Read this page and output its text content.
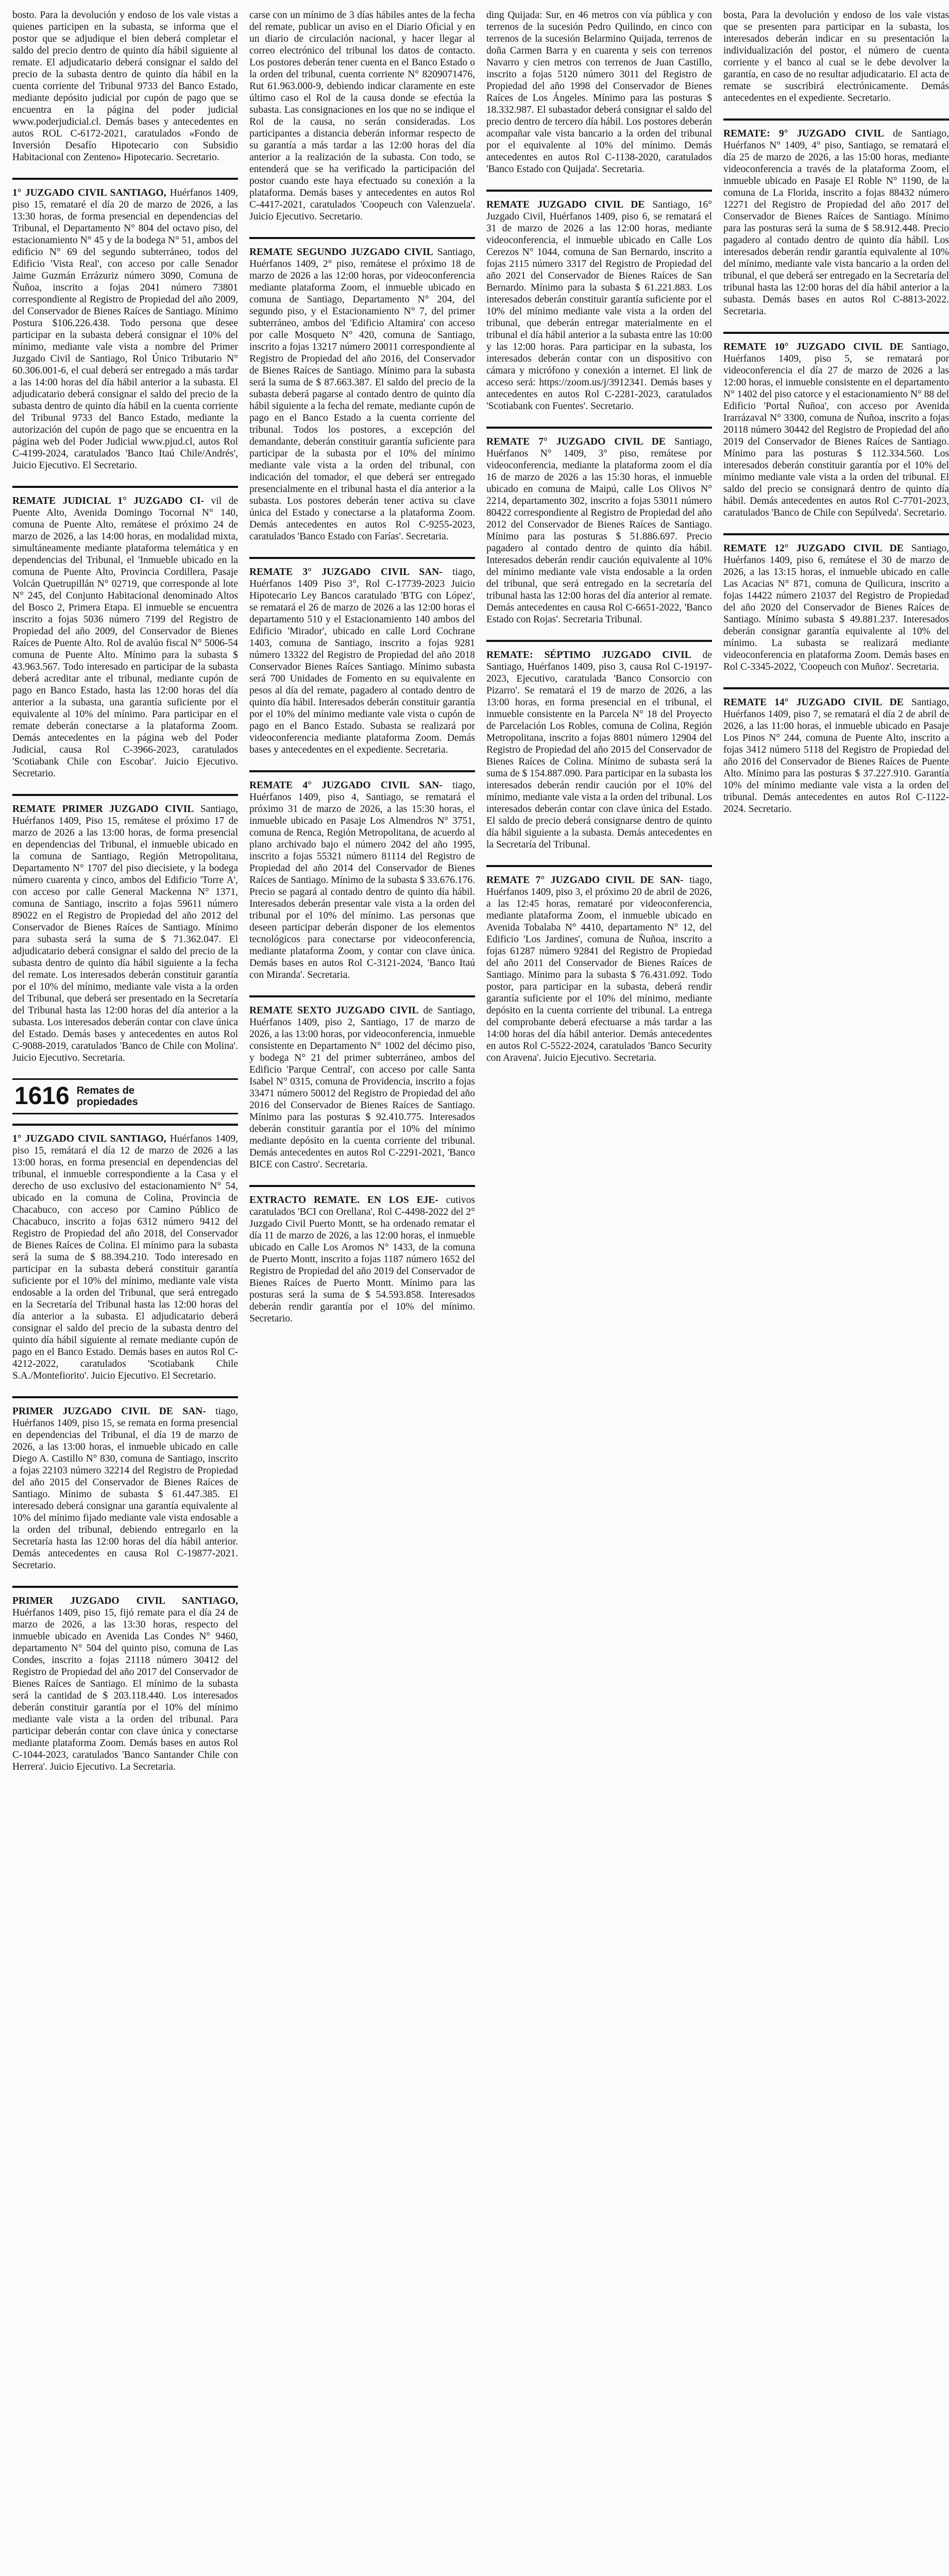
bosto. Para la devolución y endoso de los vale vistas a quienes participen en la subasta, se informa que el postor que se adjudique el bien deberá completar el saldo del precio dentro de quinto día hábil siguiente al remate. El adjudicatario deberá consignar el saldo del precio de la subasta dentro de quinto día hábil en la cuenta corriente del Tribunal 9733 del Banco Estado, mediante depósito judicial por cupón de pago que se encuentra en la página del poder judicial www.poderjudicial.cl. Demás bases y antecedentes en autos ROL C-6172-2021, caratulados «Fondo de Inversión Desafío Hipotecario con Subsidio Habitacional con Zenteno» Hipotecario. Secretario.

1° JUZGADO CIVIL SANTIAGO, Huérfanos 1409, piso 15, remataré el día 20 de marzo de 2026, a las 13:30 horas, de forma presencial en dependencias del Tribunal, el Departamento N° 804 del octavo piso, del estacionamiento N° 45 y de la bodega N° 51, ambos del edificio N° 69 del segundo subterráneo, todos del Edificio 'Vista Real', con acceso por calle Senador Jaime Guzmán Errázuriz número 3090, Comuna de Ñuñoa, inscrito a fojas 2041 número 73801 correspondiente al Registro de Propiedad del año 2009, del Conservador de Bienes Raíces de Santiago. Mínimo Postura $106.226.438. Todo persona que desee participar en la subasta deberá consignar el 10% del mínimo, mediante vale vista a nombre del Primer Juzgado Civil de Santiago, Rol Único Tributario N° 60.306.001-6, el cual deberá ser entregado a más tardar a las 14:00 horas del día hábil anterior a la subasta. El adjudicatario deberá consignar el saldo del precio de la subasta dentro de quinto día hábil en la cuenta corriente del Tribunal 9733 del Banco Estado, mediante la autorización del cupón de pago que se encuentra en la página web del Poder Judicial www.pjud.cl, autos Rol C-4199-2024, caratulados 'Banco Itaú Chile/Andrés', Juicio Ejecutivo. El Secretario.

REMATE JUDICIAL 1° JUZGADO CI- vil de Puente Alto, Avenida Domingo Tocornal N° 140, comuna de Puente Alto, remátese el próximo 24 de marzo de 2026, a las 14:00 horas, en modalidad mixta, simultáneamente mediante plataforma telemática y en dependencias del Tribunal, el 'Inmueble ubicado en la comuna de Puente Alto, Provincia Cordillera, Pasaje Volcán Quetrupillán N° 02719, que corresponde al lote N° 245, del Conjunto Habitacional denominado Altos del Bosco 2, Primera Etapa. El inmueble se encuentra inscrito a fojas 5036 número 7199 del Registro de Propiedad del año 2009, del Conservador de Bienes Raíces de Puente Alto. Rol de avalúo fiscal N° 5006-54 comuna de Puente Alto. Mínimo para la subasta $ 43.963.567. Todo interesado en participar de la subasta deberá acreditar ante el tribunal, mediante cupón de pago en Banco Estado, hasta las 12:00 horas del día anterior a la subasta, una garantía suficiente por el equivalente al 10% del mínimo. Para participar en el remate deberán conectarse a la plataforma Zoom. Demás antecedentes en la página web del Poder Judicial, causa Rol C-3966-2023, caratulados 'Scotiabank Chile con Escobar'. Juicio Ejecutivo. Secretario.

REMATE PRIMER JUZGADO CIVIL Santiago, Huérfanos 1409, Piso 15, remátese el próximo 17 de marzo de 2026 a las 13:00 horas, de forma presencial en dependencias del Tribunal, el inmueble ubicado en la comuna de Santiago, Región Metropolitana, Departamento N° 1707 del piso diecisiete, y la bodega número cuarenta y cinco, ambos del Edificio 'Torre A', con acceso por calle General Mackenna N° 1371, comuna de Santiago, inscrito a fojas 59611 número 89022 en el Registro de Propiedad del año 2012 del Conservador de Bienes Raíces de Santiago. Mínimo para subasta será la suma de $ 71.362.047. El adjudicatario deberá consignar el saldo del precio de la subasta dentro de quinto día hábil siguiente a la fecha del remate. Los interesados deberán constituir garantía por el 10% del mínimo, mediante vale vista a la orden del Tribunal, que deberá ser presentado en la Secretaría del Tribunal hasta las 12:00 horas del día anterior a la subasta. Los interesados deberán contar con clave única del Estado. Demás bases y antecedentes en autos Rol C-9088-2019, caratulados 'Banco de Chile con Molina'. Juicio Ejecutivo. Secretaria.

1616 Remates de propiedades

1° JUZGADO CIVIL SANTIAGO, Huérfanos 1409, piso 15, remátará el día 12 de marzo de 2026 a las 13:00 horas, en forma presencial en dependencias del tribunal, el inmueble correspondiente a la Casa y el derecho de uso exclusivo del estacionamiento N° 54, ubicado en la comuna de Colina, Provincia de Chacabuco, con acceso por Camino Público de Chacabuco, inscrito a fojas 6312 número 9412 del Registro de Propiedad del año 2018, del Conservador de Bienes Raíces de Colina. El mínimo para la subasta será la suma de $ 88.394.210. Todo interesado en participar en la subasta deberá constituir garantía suficiente por el 10% del mínimo, mediante vale vista endosable a la orden del Tribunal, que será entregado en la Secretaría del Tribunal hasta las 12:00 horas del día anterior a la subasta. El adjudicatario deberá consignar el saldo del precio de la subasta dentro del quinto día hábil siguiente al remate mediante cupón de pago en el Banco Estado. Demás bases en autos Rol C-4212-2022, caratulados 'Scotiabank Chile S.A./Montefiorito'. Juicio Ejecutivo. El Secretario.

PRIMER JUZGADO CIVIL DE SAN- tiago, Huérfanos 1409, piso 15, se remata en forma presencial en dependencias del Tribunal, el día 19 de marzo de 2026, a las 13:00 horas, el inmueble ubicado en calle Diego A. Castillo N° 830, comuna de Santiago, inscrito a fojas 22103 número 32214 del Registro de Propiedad del año 2015 del Conservador de Bienes Raíces de Santiago. Mínimo de subasta $ 61.447.385. El interesado deberá consignar una garantía equivalente al 10% del mínimo fijado mediante vale vista endosable a la orden del tribunal, debiendo entregarlo en la Secretaría hasta las 12:00 horas del día hábil anterior. Demás antecedentes en causa Rol C-19877-2021. Secretario.

PRIMER JUZGADO CIVIL SANTIAGO, Huérfanos 1409, piso 15, fijó remate para el día 24 de marzo de 2026, a las 13:30 horas, respecto del inmueble ubicado en Avenida Las Condes N° 9460, departamento N° 504 del quinto piso, comuna de Las Condes, inscrito a fojas 21118 número 30412 del Registro de Propiedad del año 2017 del Conservador de Bienes Raíces de Santiago. El mínimo de la subasta será la cantidad de $ 203.118.440. Los interesados deberán constituir garantía por el 10% del mínimo mediante vale vista a la orden del tribunal. Para participar deberán contar con clave única y conectarse mediante plataforma Zoom. Demás bases en autos Rol C-1044-2023, caratulados 'Banco Santander Chile con Herrera'. Juicio Ejecutivo. La Secretaria.

carse con un mínimo de 3 días hábiles antes de la fecha del remate, publicar un aviso en el Diario Oficial y en un diario de circulación nacional, y hacer llegar al correo electrónico del tribunal los datos de contacto. Los postores deberán tener cuenta en el Banco Estado o la orden del tribunal, cuenta corriente N° 8209071476, Rut 61.963.000-9, debiendo indicar claramente en este último caso el Rol de la causa donde se efectúa la subasta. Las consignaciones en los que no se indique el Rol de la causa, no serán consideradas. Los participantes a distancia deberán informar respecto de su garantía a más tardar a las 12:00 horas del día anterior a la realización de la subasta. Con todo, se entenderá que se ha verificado la participación del postor cuando este haya efectuado su conexión a la plataforma. Demás bases y antecedentes en autos Rol C-4417-2021, caratulados 'Coopeuch con Valenzuela'. Juicio Ejecutivo. Secretario.

REMATE SEGUNDO JUZGADO CIVIL Santiago, Huérfanos 1409, 2° piso, remátese el próximo 18 de marzo de 2026 a las 12:00 horas, por videoconferencia mediante plataforma Zoom, el inmueble ubicado en comuna de Santiago, Departamento N° 204, del segundo piso, y el Estacionamiento N° 7, del primer subterráneo, ambos del 'Edificio Altamira' con acceso por calle Mosqueto N° 420, comuna de Santiago, inscrito a fojas 13217 número 20011 correspondiente al Registro de Propiedad del año 2016, del Conservador de Bienes Raíces de Santiago. Mínimo para la subasta será la suma de $ 87.663.387. El saldo del precio de la subasta deberá pagarse al contado dentro de quinto día hábil siguiente a la fecha del remate, mediante cupón de pago en el Banco Estado a la cuenta corriente del tribunal. Todos los postores, a excepción del demandante, deberán constituir garantía suficiente para participar de la subasta por el 10% del mínimo mediante vale vista a la orden del tribunal, con indicación del tomador, el que deberá ser entregado presencialmente en el tribunal hasta el día anterior a la subasta. Los postores deberán tener activa su clave única del Estado y conectarse a la plataforma Zoom. Demás antecedentes en autos Rol C-9255-2023, caratulados 'Banco Estado con Farías'. Secretaria.

REMATE 3° JUZGADO CIVIL SAN- tiago, Huérfanos 1409 Piso 3°, Rol C-17739-2023 Juicio Hipotecario Ley Bancos caratulado 'BTG con López', se rematará el 26 de marzo de 2026 a las 12:00 horas el departamento 510 y el Estacionamiento 140 ambos del Edificio 'Mirador', ubicado en calle Lord Cochrane 1403, comuna de Santiago, inscrito a fojas 9281 número 13322 del Registro de Propiedad del año 2018 Conservador Bienes Raíces Santiago. Mínimo subasta será 700 Unidades de Fomento en su equivalente en pesos al día del remate, pagadero al contado dentro de quinto día hábil. Interesados deberán constituir garantía por el 10% del mínimo mediante vale vista o cupón de pago en el Banco Estado. Subasta se realizará por videoconferencia mediante plataforma Zoom. Demás bases y antecedentes en el expediente. Secretaria.

REMATE 4° JUZGADO CIVIL SAN- tiago, Huérfanos 1409, piso 4, Santiago, se rematará el próximo 31 de marzo de 2026, a las 15:30 horas, el inmueble ubicado en Pasaje Los Almendros N° 3751, comuna de Renca, Región Metropolitana, de acuerdo al plano archivado bajo el número 2042 del año 1995, inscrito a fojas 55321 número 81114 del Registro de Propiedad del año 2014 del Conservador de Bienes Raíces de Santiago. Mínimo de la subasta $ 33.676.176. Precio se pagará al contado dentro de quinto día hábil. Interesados deberán presentar vale vista a la orden del tribunal por el 10% del mínimo. Las personas que deseen participar deberán disponer de los elementos tecnológicos para conectarse por videoconferencia, mediante plataforma Zoom, y contar con clave única. Demás bases en autos Rol C-3121-2024, 'Banco Itaú con Miranda'. Secretaria.

REMATE SEXTO JUZGADO CIVIL de Santiago, Huérfanos 1409, piso 2, Santiago, 17 de marzo de 2026, a las 13:00 horas, por videoconferencia, inmueble consistente en Departamento N° 1002 del décimo piso, y bodega N° 21 del primer subterráneo, ambos del Edificio 'Parque Central', con acceso por calle Santa Isabel N° 0315, comuna de Providencia, inscrito a fojas 33471 número 50012 del Registro de Propiedad del año 2016 del Conservador de Bienes Raíces de Santiago. Mínimo para las posturas $ 92.410.775. Interesados deberán constituir garantía por el 10% del mínimo mediante depósito en la cuenta corriente del tribunal. Demás antecedentes en autos Rol C-2291-2021, 'Banco BICE con Castro'. Secretaria.

EXTRACTO REMATE. EN LOS EJE- cutivos caratulados 'BCI con Orellana', Rol C-4498-2022 del 2° Juzgado Civil Puerto Montt, se ha ordenado rematar el día 11 de marzo de 2026, a las 12:00 horas, el inmueble ubicado en Calle Los Aromos N° 1433, de la comuna de Puerto Montt, inscrito a fojas 1187 número 1652 del Registro de Propiedad del año 2019 del Conservador de Bienes Raíces de Puerto Montt. Mínimo para las posturas será la suma de $ 54.593.858. Interesados deberán rendir garantía por el 10% del mínimo. Secretario.

ding Quijada: Sur, en 46 metros con vía pública y con terrenos de la sucesión Pedro Quilindo, en cinco con terrenos de la sucesión Belarmino Quijada, terrenos de doña Carmen Barra y en cuarenta y seis con terrenos Navarro y cien metros con terrenos de Juan Castillo, inscrito a fojas 5120 número 3011 del Registro de Propiedad del año 1998 del Conservador de Bienes Raíces de Los Ángeles. Mínimo para las posturas $ 18.332.987. El subastador deberá consignar el saldo del precio dentro de tercero día hábil. Los postores deberán acompañar vale vista bancario a la orden del tribunal por el equivalente al 10% del mínimo. Demás antecedentes en autos Rol C-1138-2020, caratulados 'Banco Estado con Quijada'. Secretaria.

REMATE JUZGADO CIVIL DE Santiago, 16° Juzgado Civil, Huérfanos 1409, piso 6, se rematará el 31 de marzo de 2026 a las 12:00 horas, mediante videoconferencia, el inmueble ubicado en Calle Los Cerezos N° 1044, comuna de San Bernardo, inscrito a fojas 2115 número 3317 del Registro de Propiedad del año 2021 del Conservador de Bienes Raíces de San Bernardo. Mínimo para la subasta $ 61.221.883. Los interesados deberán constituir garantía suficiente por el 10% del mínimo mediante vale vista a la orden del tribunal, que deberán entregar materialmente en el tribunal el día hábil anterior a la subasta entre las 10:00 y las 12:00 horas. Para participar en la subasta, los interesados deberán contar con un dispositivo con cámara y micrófono y conexión a internet. El link de acceso será: https://zoom.us/j/3912341. Demás bases y antecedentes en autos Rol C-2281-2023, caratulados 'Scotiabank con Fuentes'. Secretario.

REMATE 7° JUZGADO CIVIL DE Santiago, Huérfanos N° 1409, 3° piso, remátese por videoconferencia, mediante la plataforma zoom el día 16 de marzo de 2026 a las 15:30 horas, el inmueble ubicado en comuna de Maipú, calle Los Olivos N° 2214, departamento 302, inscrito a fojas 53011 número 80422 correspondiente al Registro de Propiedad del año 2012 del Conservador de Bienes Raíces de Santiago. Mínimo para las posturas $ 51.886.697. Precio pagadero al contado dentro de quinto día hábil. Interesados deberán rendir caución equivalente al 10% del mínimo mediante vale vista endosable a la orden del tribunal, que será entregado en la secretaría del tribunal hasta las 12:00 horas del día anterior al remate. Demás antecedentes en causa Rol C-6651-2022, 'Banco Estado con Rojas'. Secretaria Tribunal.

REMATE: SÉPTIMO JUZGADO CIVIL de Santiago, Huérfanos 1409, piso 3, causa Rol C-19197-2023, Ejecutivo, caratulada 'Banco Consorcio con Pizarro'. Se rematará el 19 de marzo de 2026, a las 13:00 horas, en forma presencial en el tribunal, el inmueble consistente en la Parcela N° 18 del Proyecto de Parcelación Los Robles, comuna de Colina, Región Metropolitana, inscrito a fojas 8801 número 12904 del Registro de Propiedad del año 2015 del Conservador de Bienes Raíces de Colina. Mínimo de subasta será la suma de $ 154.887.090. Para participar en la subasta los interesados deberán rendir caución por el 10% del mínimo, mediante vale vista a la orden del tribunal. Los interesados deberán contar con clave única del Estado. El saldo de precio deberá consignarse dentro de quinto día hábil siguiente a la subasta. Demás antecedentes en la Secretaría del Tribunal.

REMATE 7° JUZGADO CIVIL DE SAN- tiago, Huérfanos 1409, piso 3, el próximo 20 de abril de 2026, a las 12:45 horas, remataré por videoconferencia, mediante plataforma Zoom, el inmueble ubicado en Avenida Tobalaba N° 4410, departamento N° 12, del Edificio 'Los Jardines', comuna de Ñuñoa, inscrito a fojas 61287 número 92841 del Registro de Propiedad del año 2011 del Conservador de Bienes Raíces de Santiago. Mínimo para la subasta $ 76.431.092. Todo postor, para participar en la subasta, deberá rendir garantía suficiente por el 10% del mínimo, mediante depósito en la cuenta corriente del tribunal. La entrega del comprobante deberá efectuarse a más tardar a las 14:00 horas del día hábil anterior. Demás antecedentes en autos Rol C-5522-2024, caratulados 'Banco Security con Aravena'. Juicio Ejecutivo. Secretaria.

bosta, Para la devolución y endoso de los vale vistas que se presenten para participar en la subasta, los interesados deberán indicar en su presentación la individualización del postor, el número de cuenta corriente y el banco al cual se le debe devolver la garantía, en caso de no resultar adjudicatario. El acta de remate se suscribirá electrónicamente. Demás antecedentes en el expediente. Secretario.

REMATE: 9° JUZGADO CIVIL de Santiago, Huérfanos N° 1409, 4° piso, Santiago, se rematará el día 25 de marzo de 2026, a las 15:00 horas, mediante videoconferencia a través de la plataforma Zoom, el inmueble ubicado en Pasaje El Roble N° 1190, de la comuna de La Florida, inscrito a fojas 88432 número 12271 del Registro de Propiedad del año 2017 del Conservador de Bienes Raíces de Santiago. Mínimo para las posturas será la suma de $ 58.912.448. Precio pagadero al contado dentro de quinto día hábil. Los interesados deberán rendir garantía equivalente al 10% del mínimo, mediante vale vista bancario a la orden del tribunal, el que deberá ser entregado en la Secretaría del tribunal hasta las 12:00 horas del día hábil anterior a la subasta. Demás bases en autos Rol C-8813-2022. Secretaria.

REMATE 10° JUZGADO CIVIL DE Santiago, Huérfanos 1409, piso 5, se rematará por videoconferencia el día 27 de marzo de 2026 a las 12:00 horas, el inmueble consistente en el departamento N° 1402 del piso catorce y el estacionamiento N° 88 del Edificio 'Portal Ñuñoa', con acceso por Avenida Irarrázaval N° 3300, comuna de Ñuñoa, inscrito a fojas 20118 número 30442 del Registro de Propiedad del año 2019 del Conservador de Bienes Raíces de Santiago. Mínimo para las posturas $ 112.334.560. Los interesados deberán constituir garantía por el 10% del mínimo mediante vale vista a la orden del tribunal. El saldo del precio se consignará dentro de quinto día hábil. Demás antecedentes en autos Rol C-7701-2023, caratulados 'Banco de Chile con Sepúlveda'. Secretario.

REMATE 12° JUZGADO CIVIL DE Santiago, Huérfanos 1409, piso 6, remátese el 30 de marzo de 2026, a las 13:15 horas, el inmueble ubicado en calle Las Acacias N° 871, comuna de Quilicura, inscrito a fojas 14422 número 21037 del Registro de Propiedad del año 2020 del Conservador de Bienes Raíces de Santiago. Mínimo subasta $ 49.881.237. Interesados deberán consignar garantía equivalente al 10% del mínimo. La subasta se realizará mediante videoconferencia en plataforma Zoom. Demás bases en Rol C-3345-2022, 'Coopeuch con Muñoz'. Secretaria.

REMATE 14° JUZGADO CIVIL DE Santiago, Huérfanos 1409, piso 7, se rematará el día 2 de abril de 2026, a las 11:00 horas, el inmueble ubicado en Pasaje Los Pinos N° 244, comuna de Puente Alto, inscrito a fojas 3412 número 5118 del Registro de Propiedad del año 2016 del Conservador de Bienes Raíces de Puente Alto. Mínimo para las posturas $ 37.227.910. Garantía 10% del mínimo mediante vale vista a la orden del tribunal. Demás antecedentes en autos Rol C-1122-2024. Secretario.
